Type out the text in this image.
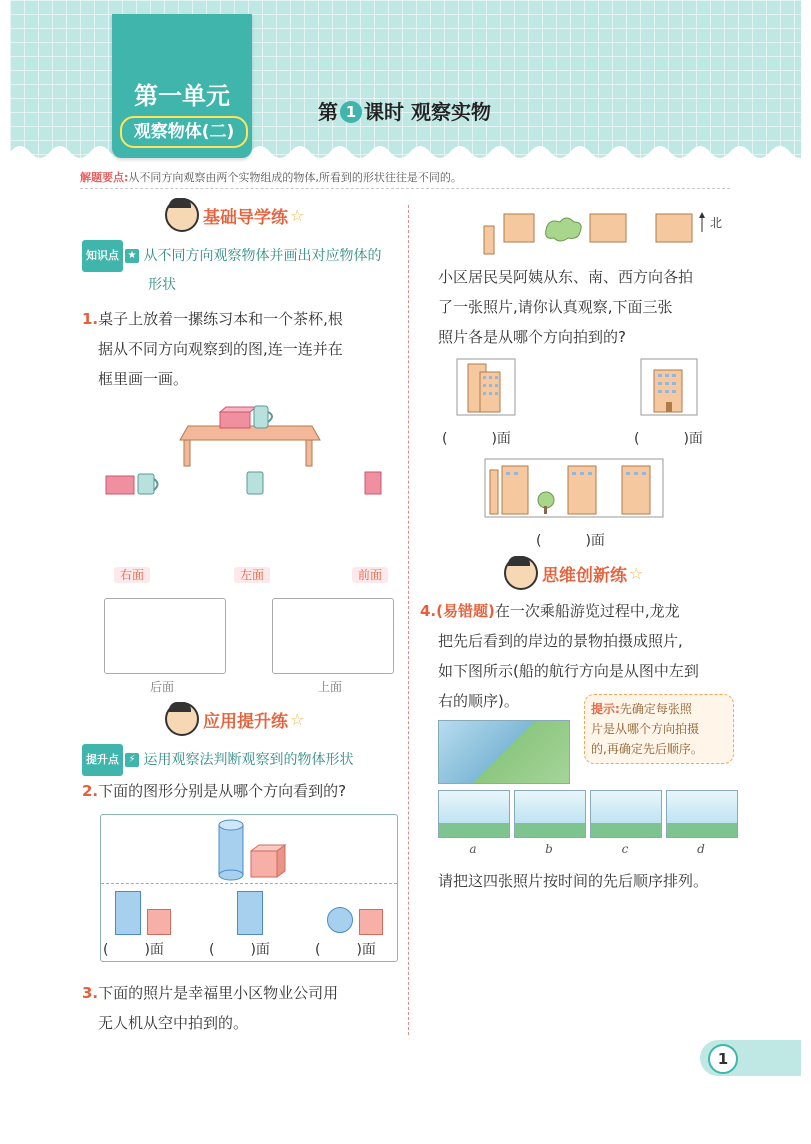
第一单元
观察物体(二)
第 1 课时 观察实物
解题要点:从不同方向观察由两个实物组成的物体,所看到的形状往往是不同的。
基础导学练 ☆
知识点 ★ 从不同方向观察物体并画出对应物体的
形状
1.桌子上放着一摞练习本和一个茶杯,根
据从不同方向观察到的图,连一连并在
框里画一画。
右面	左面	前面
后面	上面
应用提升练 ☆
提升点 ⚡ 运用观察法判断观察到的物体形状
2.下面的图形分别是从哪个方向看到的?
(	)面	(	)面	(	)面
3.下面的照片是幸福里小区物业公司用
无人机从空中拍到的。
北
小区居民吴阿姨从东、南、西方向各拍
了一张照片,请你认真观察,下面三张
照片各是从哪个方向拍到的?
(	)面	(	)面
(	)面
思维创新练 ☆
4.(易错题)在一次乘船游览过程中,龙龙
把先后看到的岸边的景物拍摄成照片,
如下图所示(船的航行方向是从图中左到
右的顺序)。	提示:先确定每张照
片是从哪个方向拍摄
的,再确定先后顺序。
a	b	c	d
请把这四张照片按时间的先后顺序排列。
1
